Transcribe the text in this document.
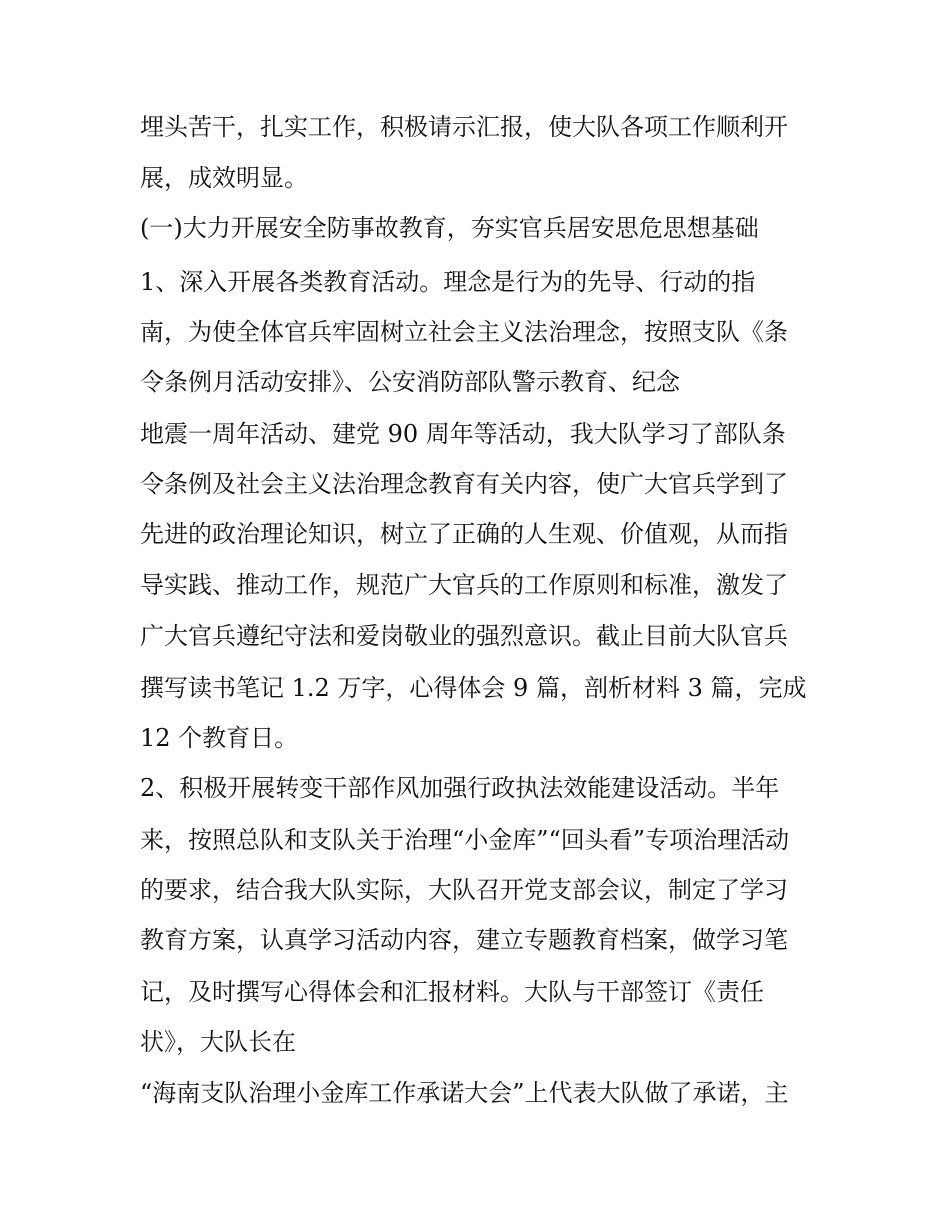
埋头苦干，扎实工作，积极请示汇报，使大队各项工作顺利开
展，成效明显。
(一)大力开展安全防事故教育，夯实官兵居安思危思想基础
1、深入开展各类教育活动。理念是行为的先导、行动的指
南，为使全体官兵牢固树立社会主义法治理念，按照支队《条
令条例月活动安排》、公安消防部队警示教育、纪念
地震一周年活动、建党 90 周年等活动，我大队学习了部队条
令条例及社会主义法治理念教育有关内容，使广大官兵学到了
先进的政治理论知识，树立了正确的人生观、价值观，从而指
导实践、推动工作，规范广大官兵的工作原则和标准，激发了
广大官兵遵纪守法和爱岗敬业的强烈意识。截止目前大队官兵
撰写读书笔记 1.2 万字，心得体会 9 篇，剖析材料 3 篇，完成
12 个教育日。
2、积极开展转变干部作风加强行政执法效能建设活动。半年
来，按照总队和支队关于治理“小金库”“回头看”专项治理活动
的要求，结合我大队实际，大队召开党支部会议，制定了学习
教育方案，认真学习活动内容，建立专题教育档案，做学习笔
记，及时撰写心得体会和汇报材料。大队与干部签订《责任
状》，大队长在
“海南支队治理小金库工作承诺大会”上代表大队做了承诺，主
